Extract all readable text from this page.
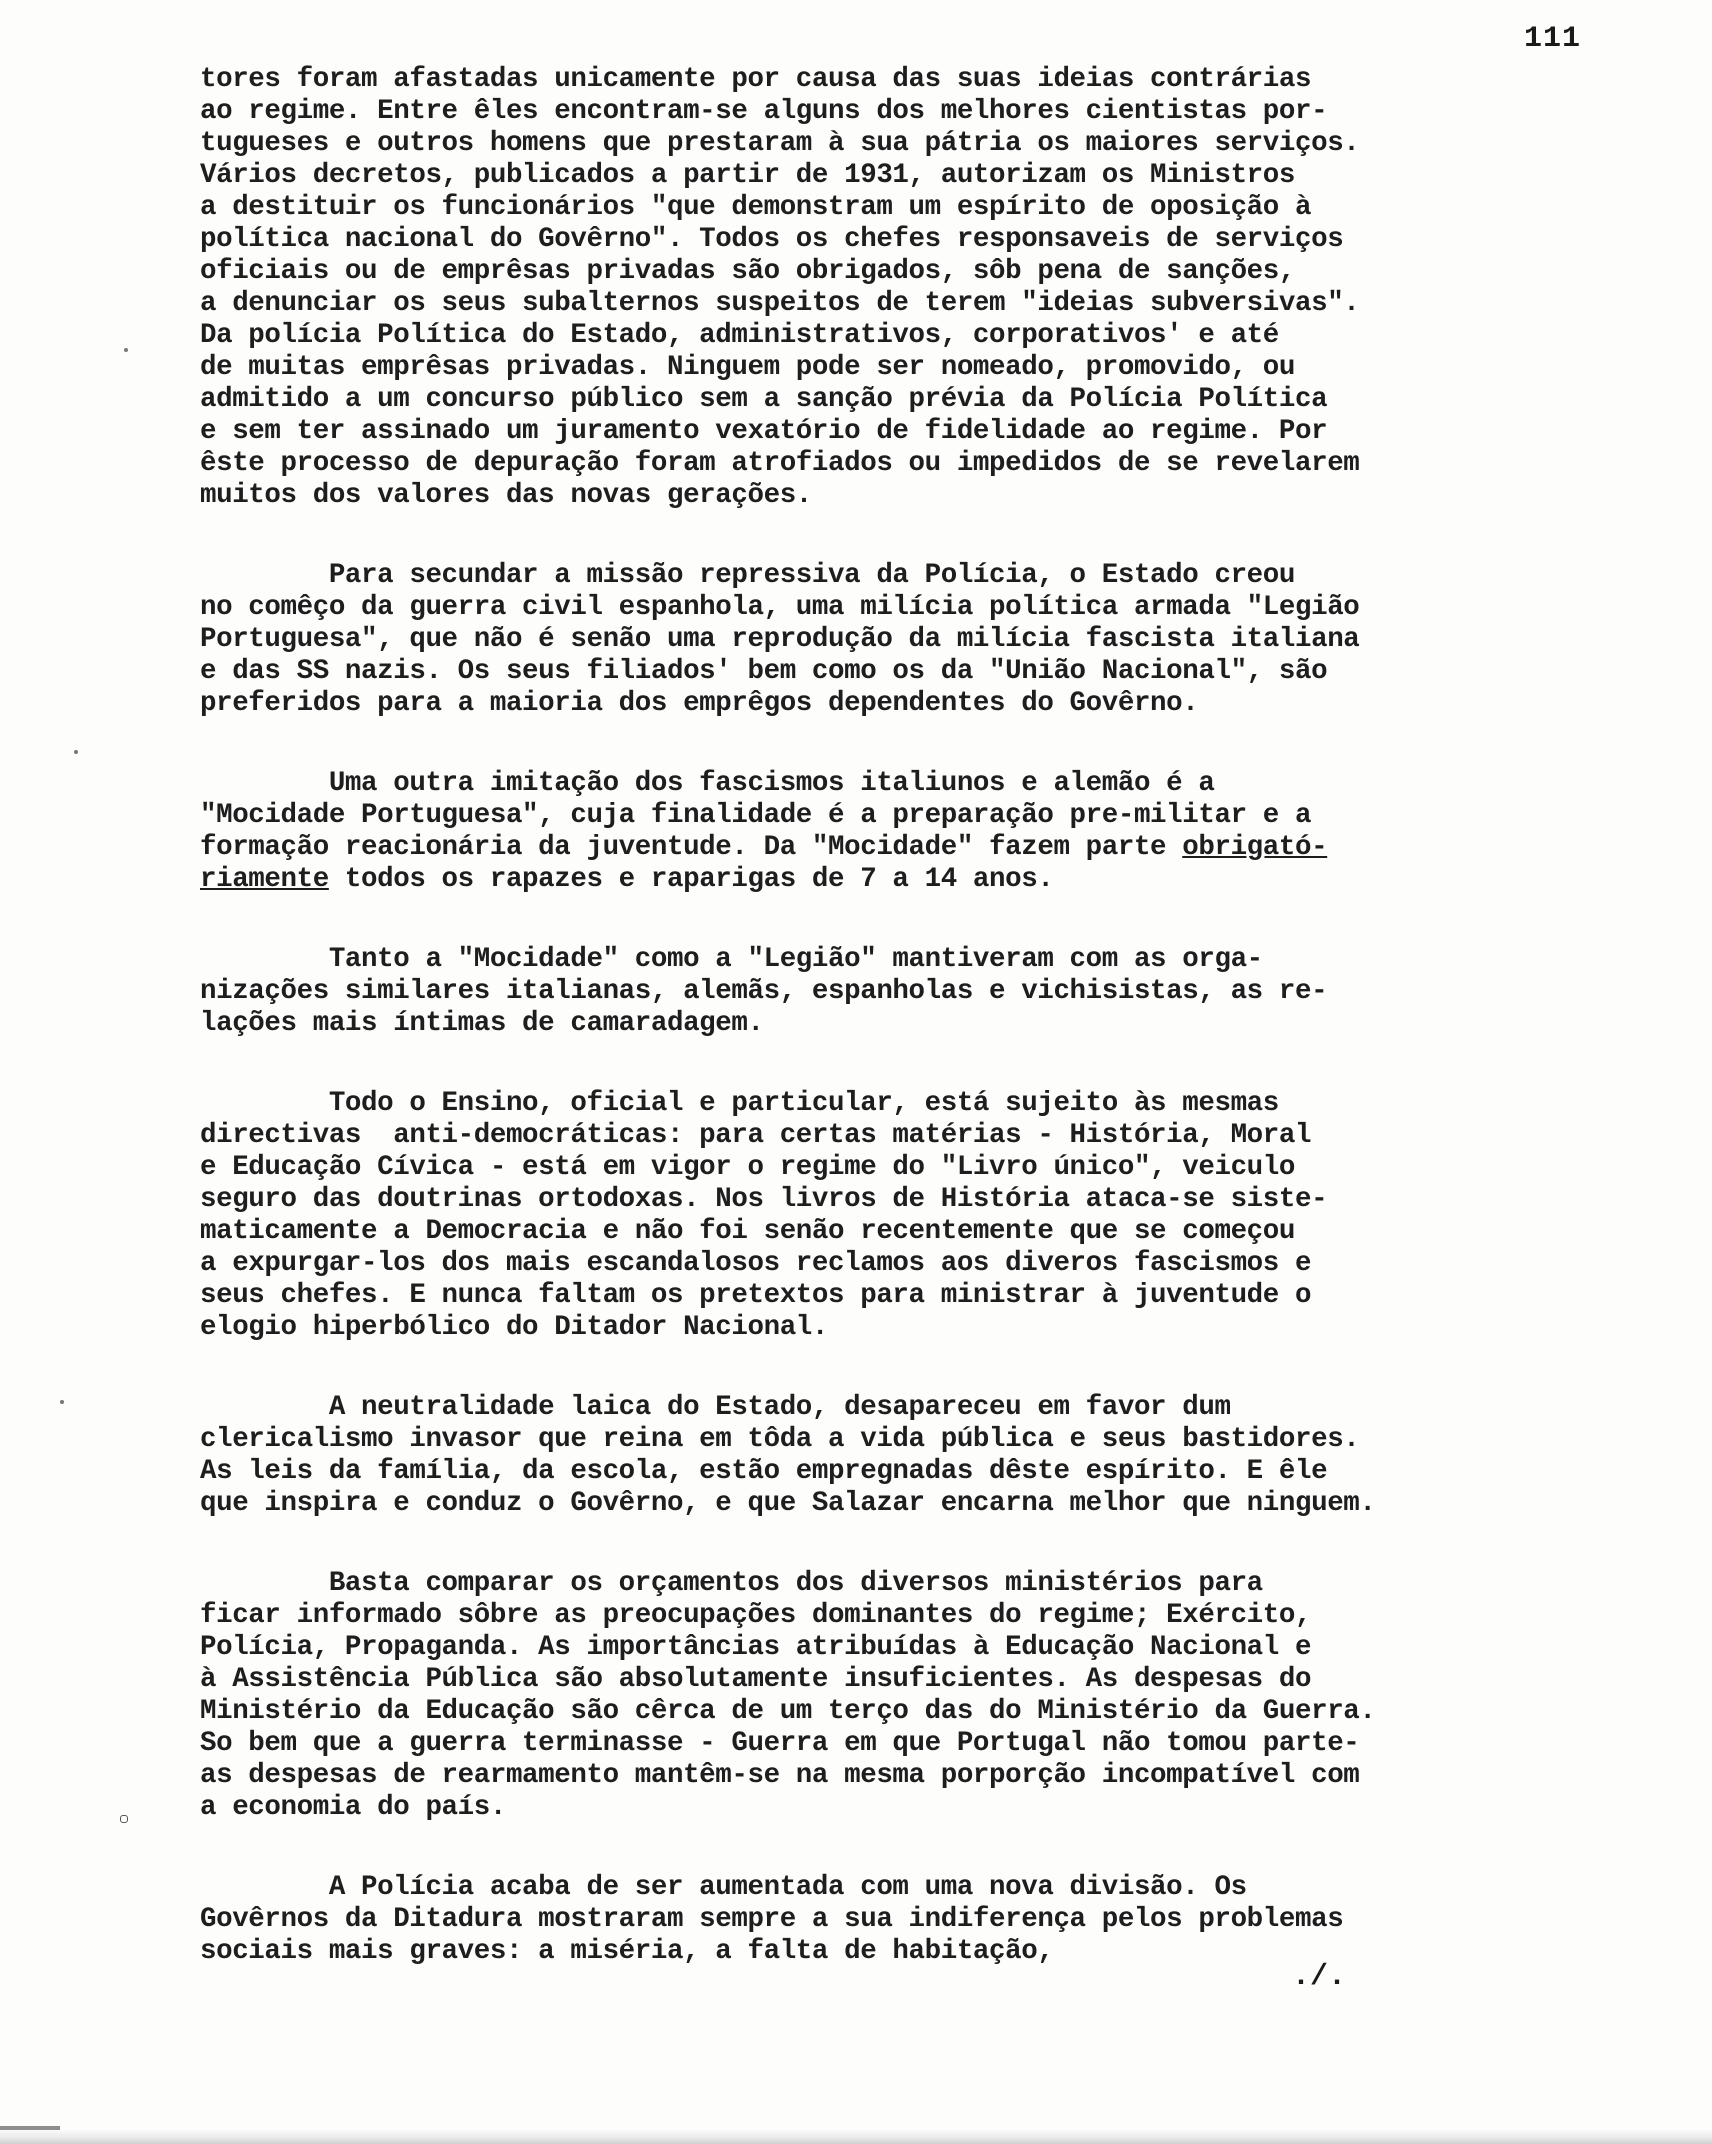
111
tores foram afastadas unicamente por causa das suas ideias contrárias
ao regime. Entre êles encontram-se alguns dos melhores cientistas por-
tugueses e outros homens que prestaram à sua pátria os maiores serviços.
Vários decretos, publicados a partir de 1931, autorizam os Ministros
a destituir os funcionários "que demonstram um espírito de oposição à
política nacional do Govêrno". Todos os chefes responsaveis de serviços
oficiais ou de emprêsas privadas são obrigados, sôb pena de sanções,
a denunciar os seus subalternos suspeitos de terem "ideias subversivas".
Da polícia Política do Estado, administrativos, corporativos' e até
de muitas emprêsas privadas. Ninguem pode ser nomeado, promovido, ou
admitido a um concurso público sem a sanção prévia da Polícia Política
e sem ter assinado um juramento vexatório de fidelidade ao regime. Por
êste processo de depuração foram atrofiados ou impedidos de se revelarem
muitos dos valores das novas gerações.
Para secundar a missão repressiva da Polícia, o Estado creou
no comêço da guerra civil espanhola, uma milícia política armada "Legião
Portuguesa", que não é senão uma reprodução da milícia fascista italiana
e das SS nazis. Os seus filiados' bem como os da "União Nacional", são
preferidos para a maioria dos emprêgos dependentes do Govêrno.
Uma outra imitação dos fascismos italiunos e alemão é a
"Mocidade Portuguesa", cuja finalidade é a preparação pre-militar e a
formação reacionária da juventude. Da "Mocidade" fazem parte obrigató-
riamente todos os rapazes e raparigas de 7 a 14 anos.
Tanto a "Mocidade" como a "Legião" mantiveram com as orga-
nizações similares italianas, alemãs, espanholas e vichisistas, as re-
lações mais íntimas de camaradagem.
Todo o Ensino, oficial e particular, está sujeito às mesmas
directivas  anti-democráticas: para certas matérias - História, Moral
e Educação Cívica - está em vigor o regime do "Livro único", veiculo
seguro das doutrinas ortodoxas. Nos livros de História ataca-se siste-
maticamente a Democracia e não foi senão recentemente que se começou
a expurgar-los dos mais escandalosos reclamos aos diveros fascismos e
seus chefes. E nunca faltam os pretextos para ministrar à juventude o
elogio hiperbólico do Ditador Nacional.
A neutralidade laica do Estado, desapareceu em favor dum
clericalismo invasor que reina em tôda a vida pública e seus bastidores.
As leis da família, da escola, estão empregnadas dêste espírito. E êle
que inspira e conduz o Govêrno, e que Salazar encarna melhor que ninguem.
Basta comparar os orçamentos dos diversos ministérios para
ficar informado sôbre as preocupações dominantes do regime; Exército,
Polícia, Propaganda. As importâncias atribuídas à Educação Nacional e
à Assistência Pública são absolutamente insuficientes. As despesas do
Ministério da Educação são cêrca de um terço das do Ministério da Guerra.
So bem que a guerra terminasse - Guerra em que Portugal não tomou parte-
as despesas de rearmamento mantêm-se na mesma porporção incompatível com
a economia do país.
A Polícia acaba de ser aumentada com uma nova divisão. Os
Govêrnos da Ditadura mostraram sempre a sua indiferença pelos problemas
sociais mais graves: a miséria, a falta de habitação,
./.
